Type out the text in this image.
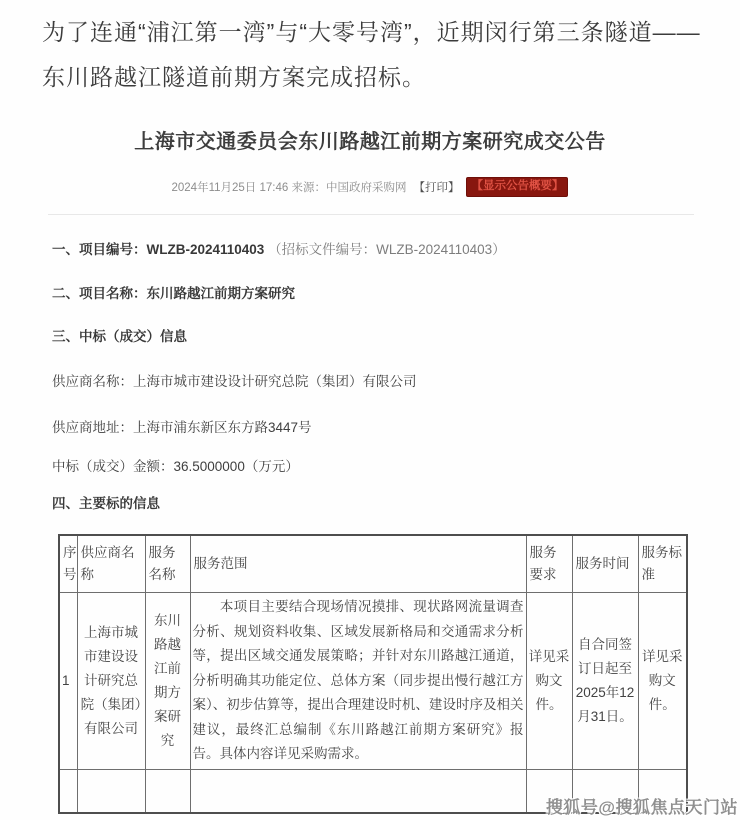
为了连通“浦江第一湾”与“大零号湾”，近期闵行第三条隧道——东川路越江隧道前期方案完成招标。

上海市交通委员会东川路越江前期方案研究成交公告
2024年11月25日 17:46 来源：中国政府采购网 【打印】	【显示公告概要】

一、项目编号：WLZB-2024110403 （招标文件编号：WLZB-2024110403）

二、项目名称：东川路越江前期方案研究

三、中标（成交）信息

供应商名称：上海市城市建设设计研究总院（集团）有限公司

供应商地址：上海市浦东新区东方路3447号

中标（成交）金额：36.5000000（万元）

四、主要标的信息

序号	供应商名称	服务名称	服务范围	服务要求	服务时间	服务标准
1	上海市城市建设设计研究总院（集团）有限公司	东川路越江前期方案研究	本项目主要结合现场情况摸排、现状路网流量调查分析、规划资料收集、区域发展新格局和交通需求分析等，提出区域交通发展策略；并针对东川路越江通道，分析明确其功能定位、总体方案（同步提出慢行越江方案）、初步估算等，提出合理建设时机、建设时序及相关建议，最终汇总编制《东川路越江前期方案研究》报告。具体内容详见采购需求。	详见采购文件。	自合同签订日起至2025年12月31日。	详见采购文件。

搜狐号@搜狐焦点天门站
